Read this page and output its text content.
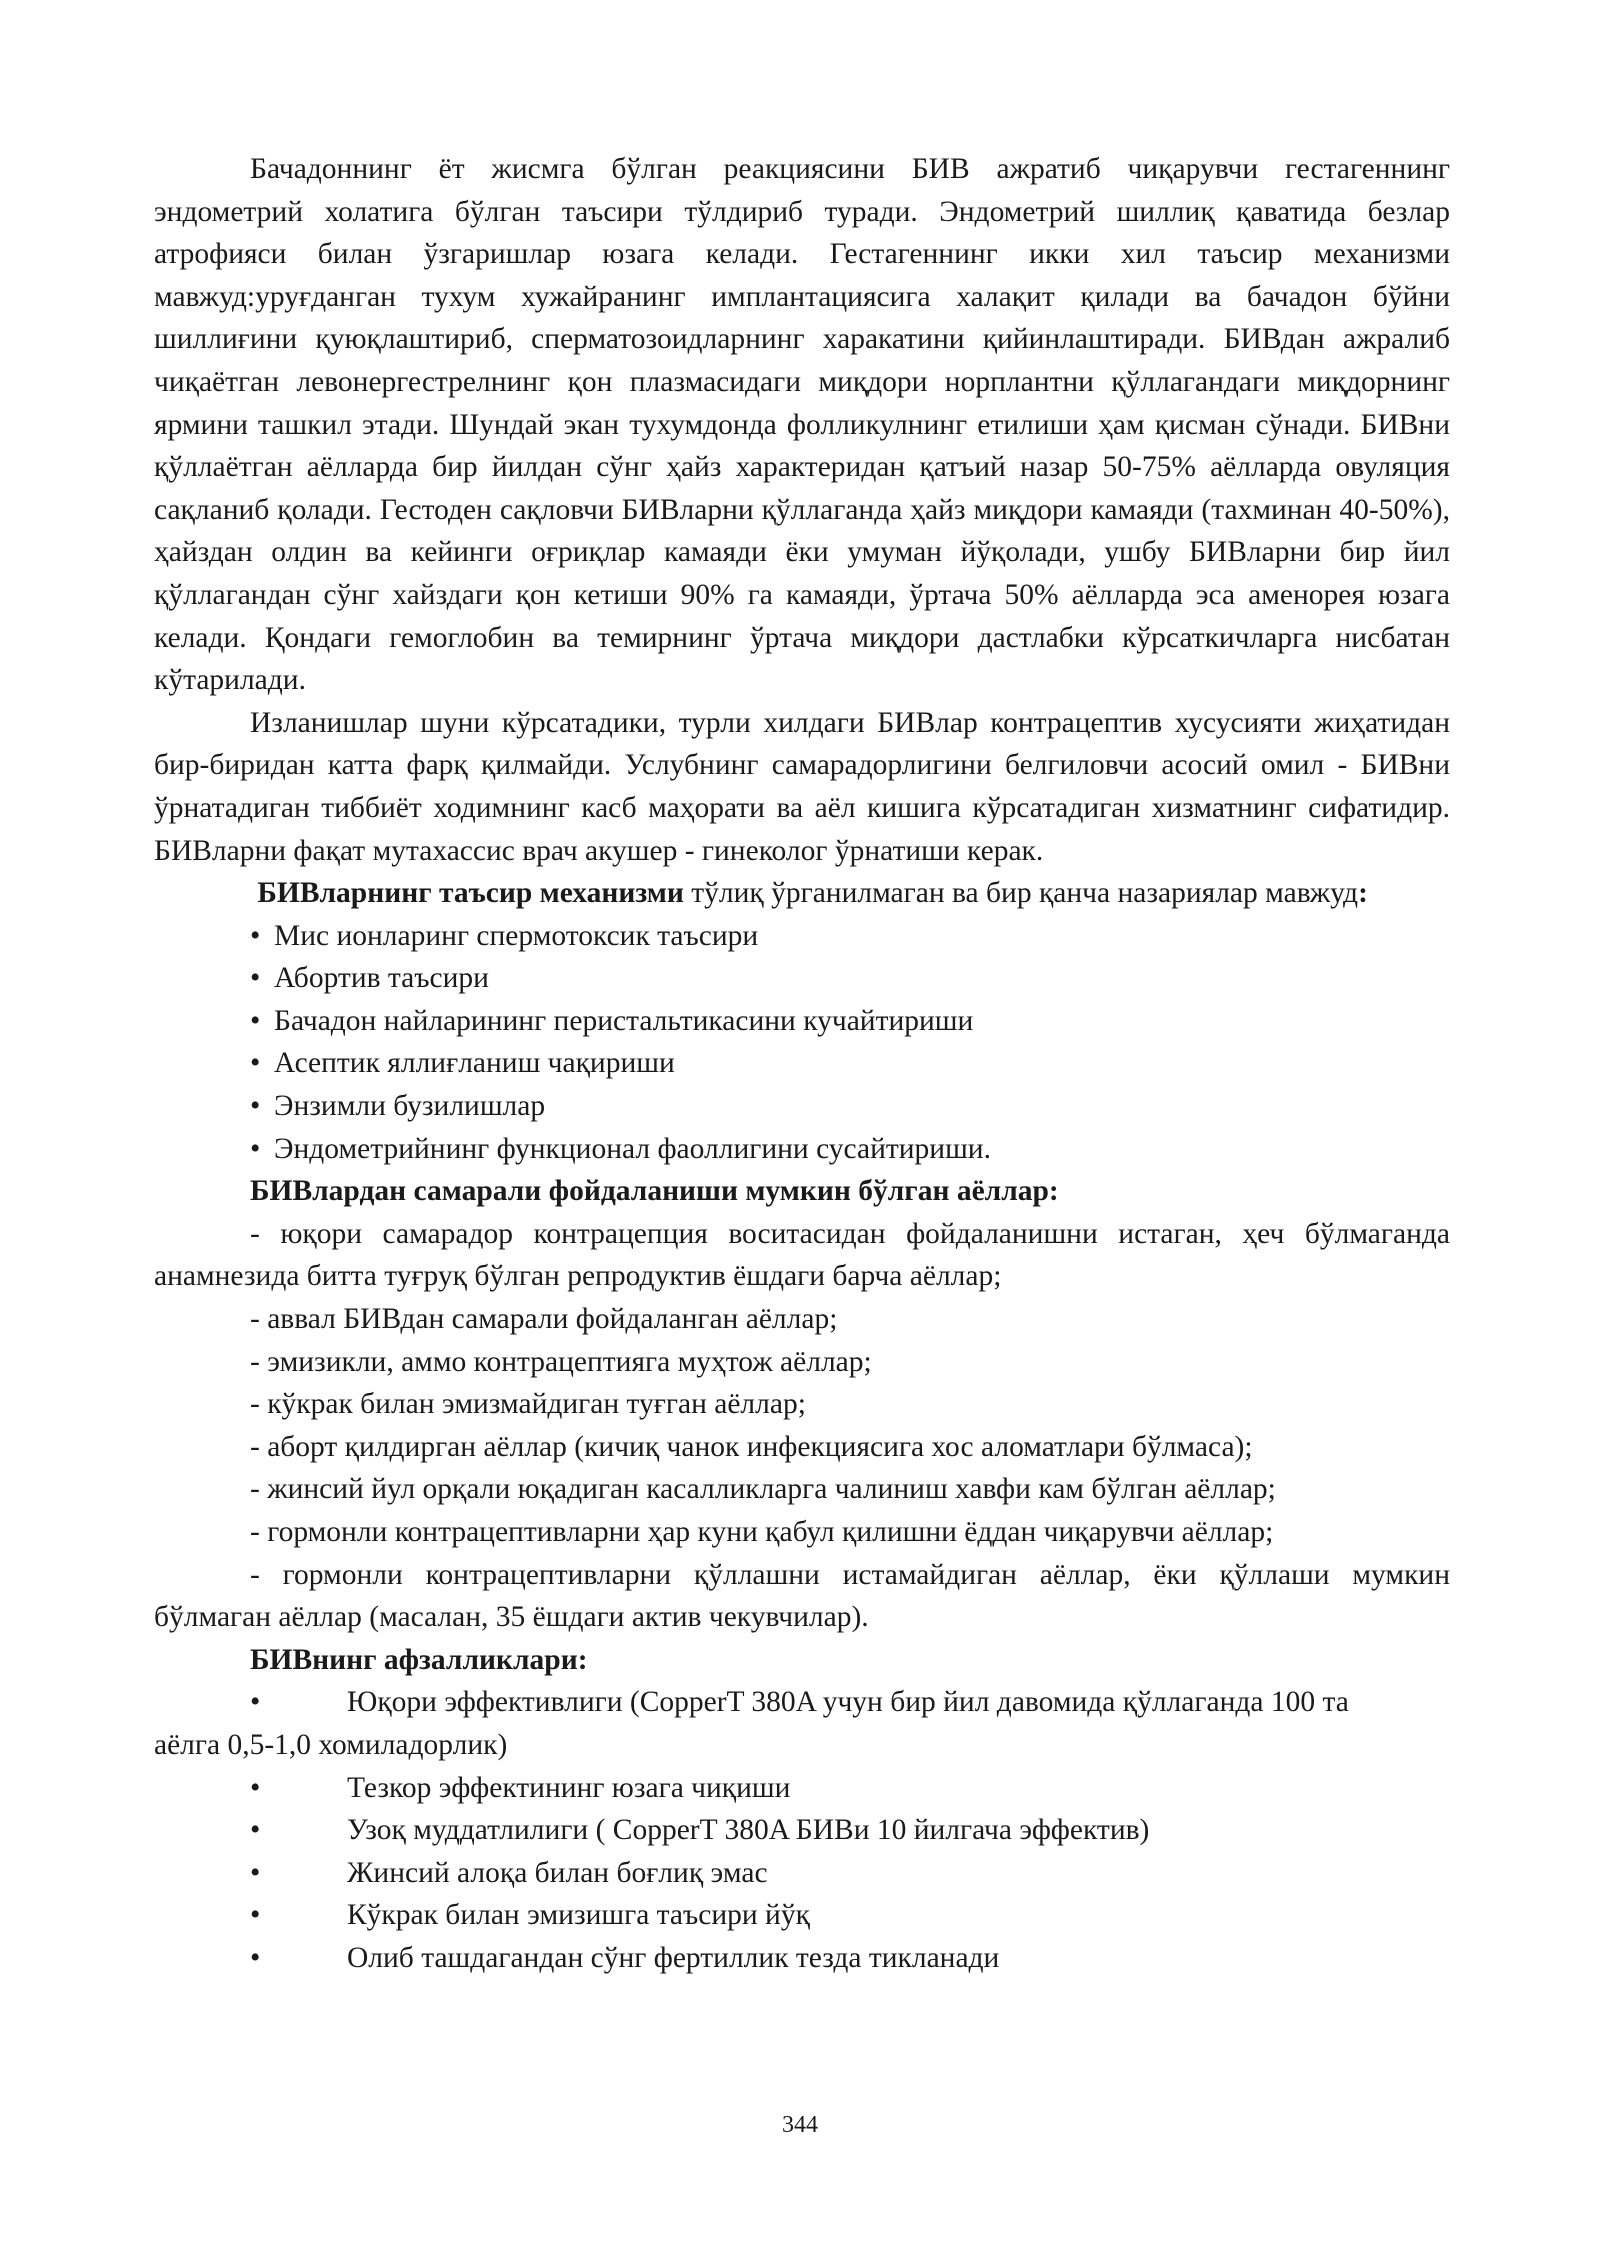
Бачадоннинг ёт жисмга бўлган реакциясини БИВ ажратиб чиқарувчи гестагеннинг эндометрий холатига бўлган таъсири тўлдириб туради. Эндометрий шиллиқ қаватида безлар атрофияси билан ўзгаришлар юзага келади. Гестагеннинг икки хил таъсир механизми мавжуд:уруғданган тухум хужайранинг имплантациясига халақит қилади ва бачадон бўйни шиллиғини қуюқлаштириб, сперматозоидларнинг харакатини қийинлаштиради. БИВдан ажралиб чиқаётган левонергестрелнинг қон плазмасидаги миқдори норплантни қўллагандаги миқдорнинг ярмини ташкил этади. Шундай экан тухумдонда фолликулнинг етилиши ҳам қисман сўнади. БИВни қўллаётган аёлларда бир йилдан сўнг ҳайз характеридан қатъий назар 50-75% аёлларда овуляция сақланиб қолади. Гестоден сақловчи БИВларни қўллаганда ҳайз миқдори камаяди (тахминан 40-50%), ҳайздан олдин ва кейинги оғриқлар камаяди ёки умуман йўқолади, ушбу БИВларни бир йил қўллагандан сўнг хайздаги қон кетиши 90% га камаяди, ўртача 50% аёлларда эса аменорея юзага келади. Қондаги гемоглобин ва темирнинг ўртача миқдори дастлабки кўрсаткичларга нисбатан кўтарилади.

Изланишлар шуни кўрсатадики, турли хилдаги БИВлар контрацептив хусусияти жиҳатидан бир-биридан катта фарқ қилмайди. Услубнинг самарадорлигини белгиловчи асосий омил - БИВни ўрнатадиган тиббиёт ходимнинг касб маҳорати ва аёл кишига кўрсатадиган хизматнинг сифатидир. БИВларни фақат мутахассис врач акушер - гинеколог ўрнатиши керак.

БИВларнинг таъсир механизми тўлиқ ўрганилмаган ва бир қанча назариялар мавжуд:

• Мис ионларинг спермотоксик таъсири
• Абортив таъсири
• Бачадон найларининг перистальтикасини кучайтириши
• Асептик яллиғланиш чақириши
• Энзимли бузилишлар
• Эндометрийнинг функционал фаоллигини сусайтириши.

БИВлардан самарали фойдаланиши мумкин бўлган аёллар:

- юқори самарадор контрацепция воситасидан фойдаланишни истаган, ҳеч бўлмаганда анамнезида битта туғруқ бўлган репродуктив ёшдаги барча аёллар;

- аввал БИВдан самарали фойдаланган аёллар;
- эмизикли, аммо контрацептияга муҳтож аёллар;
- кўкрак билан эмизмайдиган туғган аёллар;
- аборт қилдирган аёллар (кичиқ чанок инфекциясига хос аломатлари бўлмаса);
- жинсий йул орқали юқадиган касалликларга чалиниш хавфи кам бўлган аёллар;
- гормонли контрацептивларни ҳар куни қабул қилишни ёддан чиқарувчи аёллар;

- гормонли контрацептивларни қўллашни истамайдиган аёллар, ёки қўллаши мумкин бўлмаган аёллар (масалан, 35 ёшдаги актив чекувчилар).

БИВнинг афзалликлари:

•	Юқори эффективлиги (CopperT 380A учун бир йил давомида қўллаганда 100 та
аёлга 0,5-1,0 хомиладорлик)
•	Тезкор эффектининг юзага чиқиши
•	Узоқ муддатлилиги ( CopperT 380A БИВи 10 йилгача эффектив)
•	Жинсий алоқа билан боғлиқ эмас
•	Кўкрак билан эмизишга таъсири йўқ
•	Олиб ташдагандан сўнг фертиллик тезда тикланади
344
